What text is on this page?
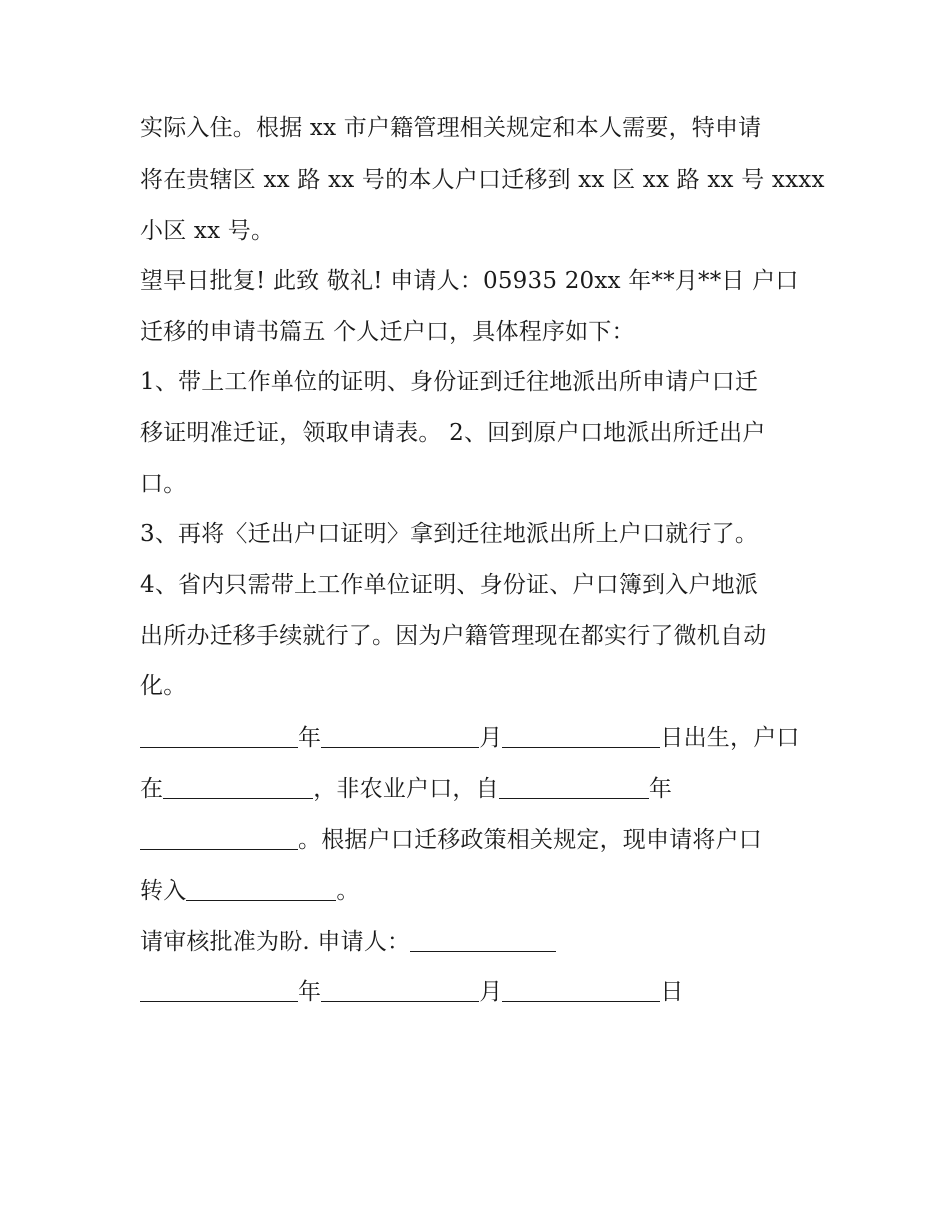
实际入住。根据 xx 市户籍管理相关规定和本人需要，特申请
将在贵辖区 xx 路 xx 号的本人户口迁移到 xx 区 xx 路 xx 号 xxxx
小区 xx 号。
望早日批复! 此致 敬礼! 申请人：05935 20xx 年**月**日 户口
迁移的申请书篇五 个人迁户口，具体程序如下：
1、带上工作单位的证明、身份证到迁往地派出所申请户口迁
移证明准迁证，领取申请表。 2、回到原户口地派出所迁出户
口。
3、再将〈迁出户口证明〉拿到迁往地派出所上户口就行了。
4、省内只需带上工作单位证明、身份证、户口簿到入户地派
出所办迁移手续就行了。因为户籍管理现在都实行了微机自动
化。
年	月	日出生，户口
在	，非农业户口，自	年
。根据户口迁移政策相关规定，现申请将户口
转入	。
请审核批准为盼. 申请人：
年	月	日
